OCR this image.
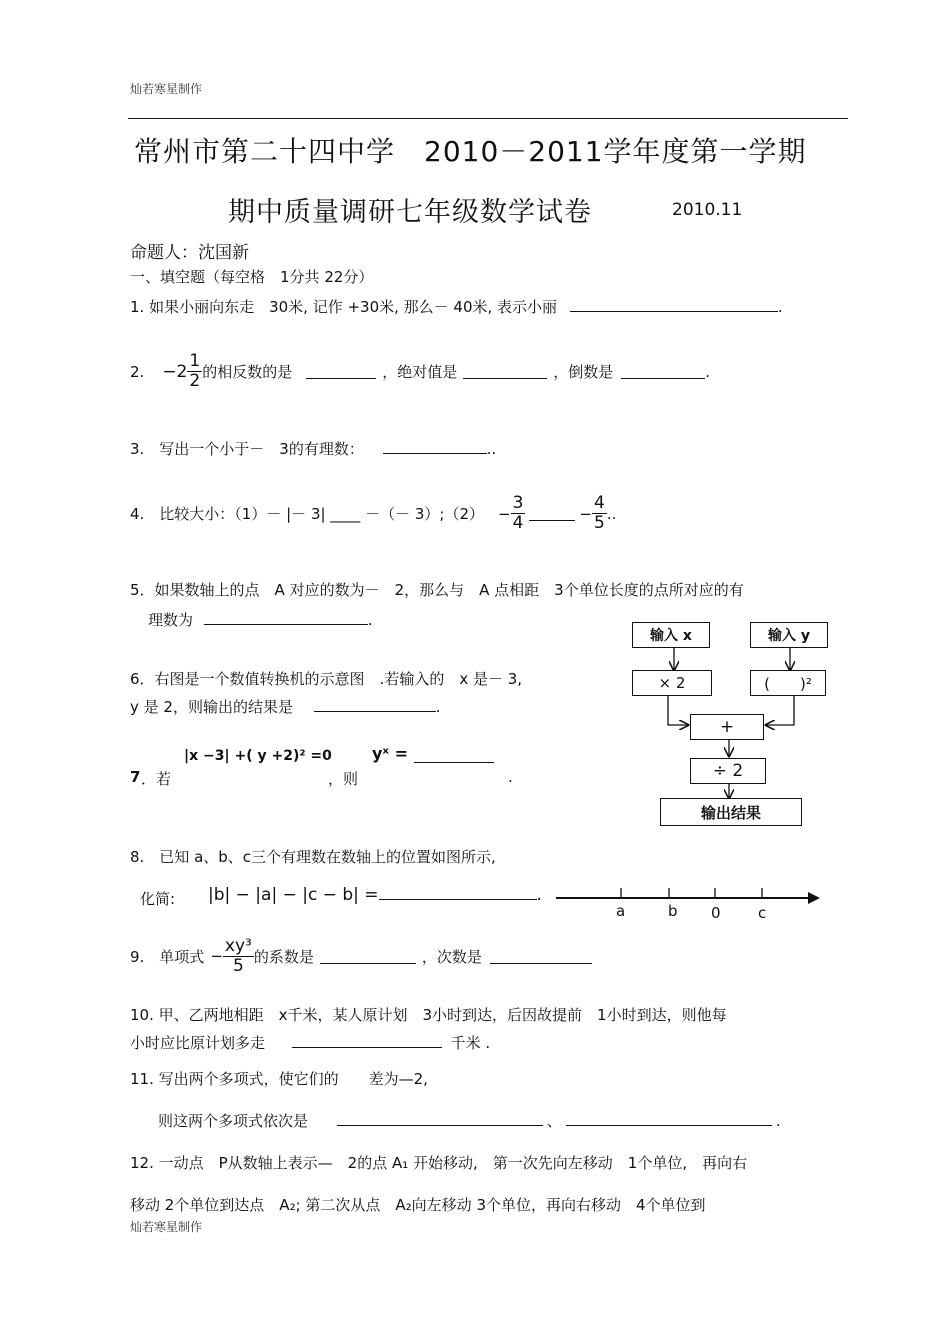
灿若寒星制作
常州市第二十四中学　2010－2011学年度第一学期
期中质量调研七年级数学试卷	2010.11
命题人：沈国新
一、填空题（每空格　1分共 22分）
1. 如果小丽向东走　30米, 记作 +30米, 那么－ 40米, 表示小丽	.
2. $-2 \frac{1}{2}$ 的相反数的是	，绝对值是	，倒数是	.
3.　写出一个小于－　3的有理数：	..
4.　比较大小：（1）－ |－ 3| ____ －（－ 3）;（2） − $\frac{3}{4}$	− $\frac{4}{5}$ ..
5．如果数轴上的点　A 对应的数为－　2，那么与　A 点相距　3个单位长度的点所对应的有
理数为	.
6．右图是一个数值转换机的示意图　.若输入的　x 是－ 3,
y 是 2，则输出的结果是	.
7 ．若
|x −3| +( y +2)² =0
，则
yˣ =
.
输入 x	输入 y
× 2	(　　)²
+
÷ 2
输出结果
8.　已知 a、b、c三个有理数在数轴上的位置如图所示,
化简: |b| − |a| − |c − b| =	.
a	b 0 c
9.　单项式 − $\frac{\text{xy³}}{5}$ 的系数是	，次数是
10. 甲、乙两地相距　x千米，某人原计划　3小时到达，后因故提前　1小时到达，则他每
小时应比原计划多走	千米 .
11. 写出两个多项式，使它们的　　差为—2,
则这两个多项式依次是	、	.
12. 一动点　P从数轴上表示—　2的点 A₁ 开始移动,　第一次先向左移动　1个单位,　再向右
移动 2个单位到达点　A₂; 第二次从点　A₂向左移动 3个单位，再向右移动　4个单位到
灿若寒星制作
